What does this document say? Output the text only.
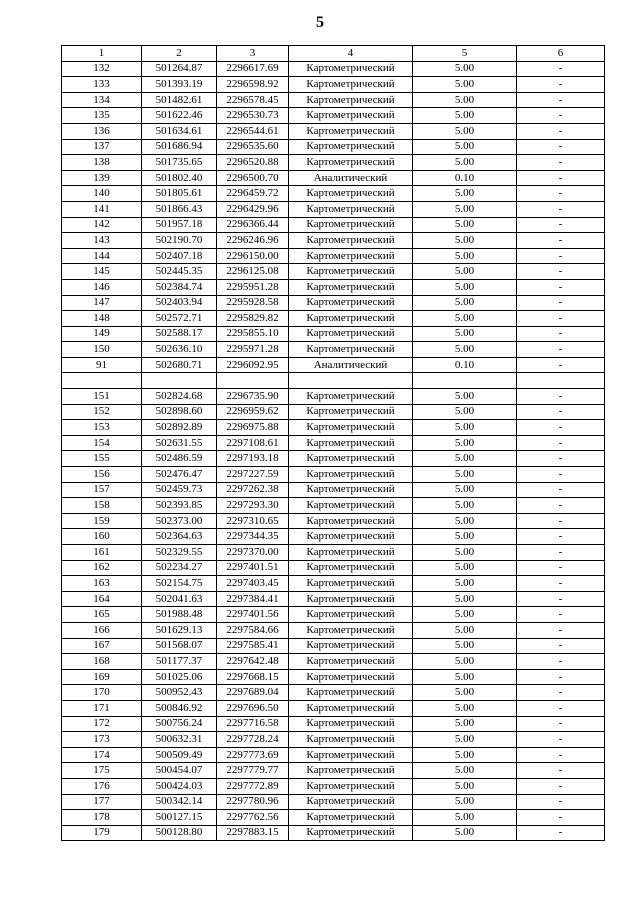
5
1	2	3	4	5	6
132	501264.87	2296617.69	Картометрический	5.00	-
133	501393.19	2296598.92	Картометрический	5.00	-
134	501482.61	2296578.45	Картометрический	5.00	-
135	501622.46	2296530.73	Картометрический	5.00	-
136	501634.61	2296544.61	Картометрический	5.00	-
137	501686.94	2296535.60	Картометрический	5.00	-
138	501735.65	2296520.88	Картометрический	5.00	-
139	501802.40	2296500.70	Аналитический	0.10	-
140	501805.61	2296459.72	Картометрический	5.00	-
141	501866.43	2296429.96	Картометрический	5.00	-
142	501957.18	2296366.44	Картометрический	5.00	-
143	502190.70	2296246.96	Картометрический	5.00	-
144	502407.18	2296150.00	Картометрический	5.00	-
145	502445.35	2296125.08	Картометрический	5.00	-
146	502384.74	2295951.28	Картометрический	5.00	-
147	502403.94	2295928.58	Картометрический	5.00	-
148	502572.71	2295829.82	Картометрический	5.00	-
149	502588.17	2295855.10	Картометрический	5.00	-
150	502636.10	2295971.28	Картометрический	5.00	-
91	502680.71	2296092.95	Аналитический	0.10	-

151	502824.68	2296735.90	Картометрический	5.00	-
152	502898.60	2296959.62	Картометрический	5.00	-
153	502892.89	2296975.88	Картометрический	5.00	-
154	502631.55	2297108.61	Картометрический	5.00	-
155	502486.59	2297193.18	Картометрический	5.00	-
156	502476.47	2297227.59	Картометрический	5.00	-
157	502459.73	2297262.38	Картометрический	5.00	-
158	502393.85	2297293.30	Картометрический	5.00	-
159	502373.00	2297310.65	Картометрический	5.00	-
160	502364.63	2297344.35	Картометрический	5.00	-
161	502329.55	2297370.00	Картометрический	5.00	-
162	502234.27	2297401.51	Картометрический	5.00	-
163	502154.75	2297403.45	Картометрический	5.00	-
164	502041.63	2297384.41	Картометрический	5.00	-
165	501988.48	2297401.56	Картометрический	5.00	-
166	501629.13	2297584.66	Картометрический	5.00	-
167	501568.07	2297585.41	Картометрический	5.00	-
168	501177.37	2297642.48	Картометрический	5.00	-
169	501025.06	2297668.15	Картометрический	5.00	-
170	500952.43	2297689.04	Картометрический	5.00	-
171	500846.92	2297696.50	Картометрический	5.00	-
172	500756.24	2297716.58	Картометрический	5.00	-
173	500632.31	2297728.24	Картометрический	5.00	-
174	500509.49	2297773.69	Картометрический	5.00	-
175	500454.07	2297779.77	Картометрический	5.00	-
176	500424.03	2297772.89	Картометрический	5.00	-
177	500342.14	2297780.96	Картометрический	5.00	-
178	500127.15	2297762.56	Картометрический	5.00	-
179	500128.80	2297883.15	Картометрический	5.00	-
